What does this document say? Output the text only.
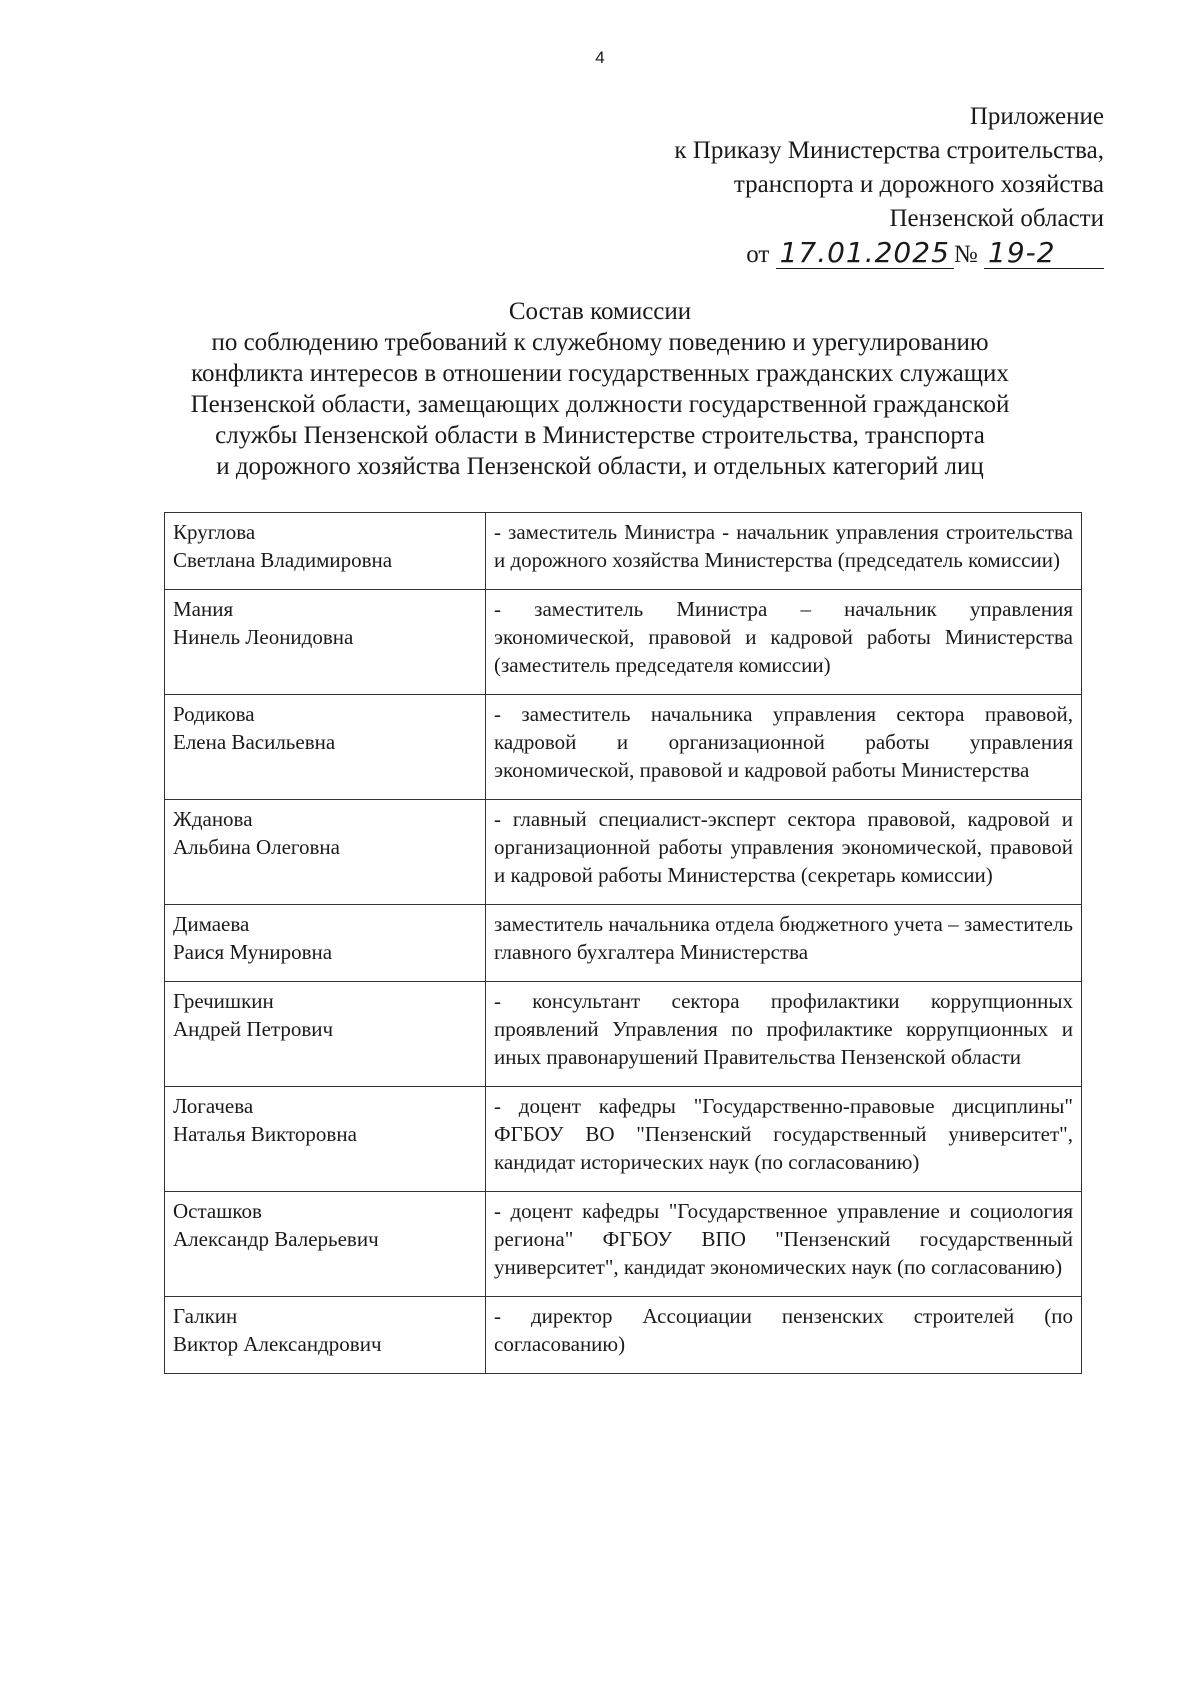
4
Приложение
к Приказу Министерства строительства,
транспорта и дорожного хозяйства
Пензенской области
от 17.01.2025 № 19-2
Состав комиссии
по соблюдению требований к служебному поведению и урегулированию
конфликта интересов в отношении государственных гражданских служащих
Пензенской области, замещающих должности государственной гражданской
службы Пензенской области в Министерстве строительства, транспорта
и дорожного хозяйства Пензенской области, и отдельных категорий лиц
Круглова
Светлана Владимировна	- заместитель Министра - начальник управления строительства и дорожного хозяйства Министерства (председатель комиссии)

Мания
Нинель Леонидовна	- заместитель Министра – начальник управления экономической, правовой и кадровой работы Министерства (заместитель председателя комиссии)

Родикова
Елена Васильевна	- заместитель начальника управления сектора правовой, кадровой и организационной работы управления экономической, правовой и кадровой работы Министерства

Жданова
Альбина Олеговна	- главный специалист-эксперт сектора правовой, кадровой и организационной работы управления экономической, правовой и кадровой работы Министерства (секретарь комиссии)

Димаева
Раися Мунировна	заместитель начальника отдела бюджетного учета – заместитель главного бухгалтера Министерства

Гречишкин
Андрей Петрович	- консультант сектора профилактики коррупционных проявлений Управления по профилактике коррупционных и иных правонарушений Правительства Пензенской области

Логачева
Наталья Викторовна	- доцент кафедры "Государственно-правовые дисциплины" ФГБОУ ВО "Пензенский государственный университет", кандидат исторических наук (по согласованию)

Осташков
Александр Валерьевич	- доцент кафедры "Государственное управление и социология региона" ФГБОУ ВПО "Пензенский государственный университет", кандидат экономических наук (по согласованию)

Галкин
Виктор Александрович	- директор Ассоциации пензенских строителей (по согласованию)
